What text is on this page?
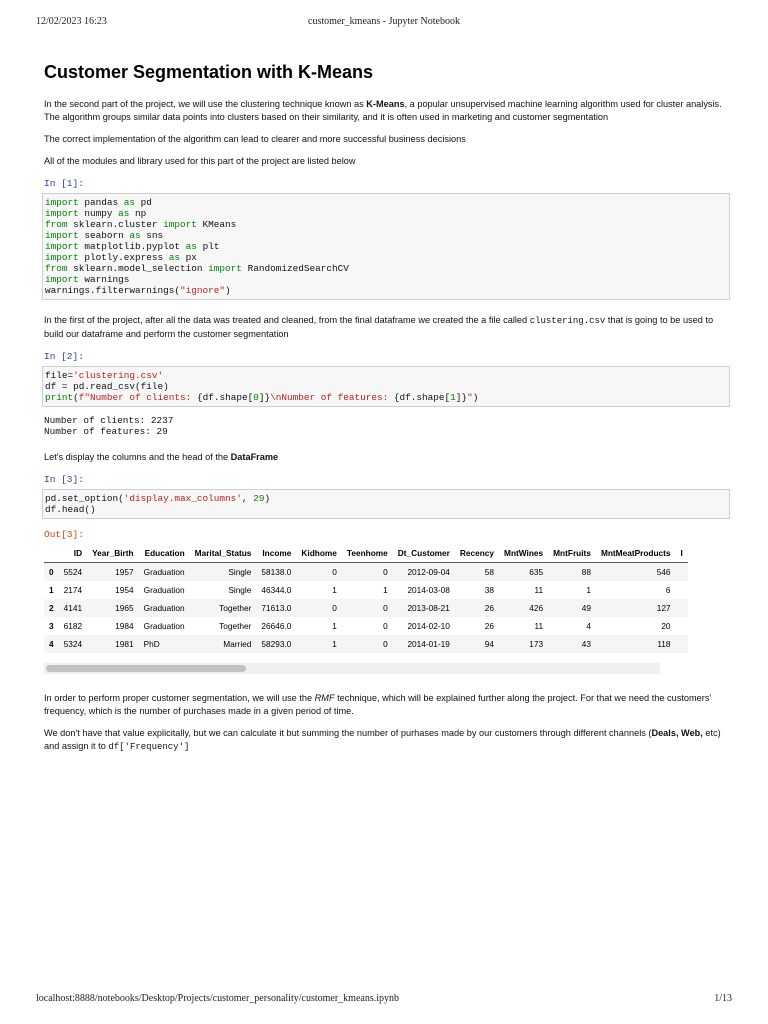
12/02/2023 16:23	customer_kmeans - Jupyter Notebook
Customer Segmentation with K-Means

In the second part of the project, we will use the clustering technique known as K-Means, a popular unsupervised machine learning algorithm used for cluster analysis. The algorithm groups similar data points into clusters based on their similarity, and it is often used in marketing and customer segmentation

The correct implementation of the algorithm can lead to clearer and more successful business decisions

All of the modules and library used for this part of the project are listed below

In [1]:
import pandas as pd
import numpy as np
from sklearn.cluster import KMeans
import seaborn as sns
import matplotlib.pyplot as plt
import plotly.express as px
from sklearn.model_selection import RandomizedSearchCV
import warnings
warnings.filterwarnings("ignore")

In the first of the project, after all the data was treated and cleaned, from the final dataframe we created the a file called clustering.csv that is going to be used to build our dataframe and perform the customer segmentation

In [2]:
file='clustering.csv'
df = pd.read_csv(file)
print(f"Number of clients: {df.shape[0]}\nNumber of features: {df.shape[1]}")
Number of clients: 2237
Number of features: 29

Let's display the columns and the head of the DataFrame

In [3]:
pd.set_option('display.max_columns', 29)
df.head()
Out[3]:
	ID	Year_Birth	Education	Marital_Status	Income	Kidhome	Teenhome	Dt_Customer	Recency	MntWines	MntFruits	MntMeatProducts	I
0	5524	1957	Graduation	Single	58138.0	0	0	2012-09-04	58	635	88	546	
1	2174	1954	Graduation	Single	46344.0	1	1	2014-03-08	38	11	1	6	
2	4141	1965	Graduation	Together	71613.0	0	0	2013-08-21	26	426	49	127	
3	6182	1984	Graduation	Together	26646.0	1	0	2014-02-10	26	11	4	20	
4	5324	1981	PhD	Married	58293.0	1	0	2014-01-19	94	173	43	118	

In order to perform proper customer segmentation, we will use the RMF technique, which will be explained further along the project. For that we need the customers' frequency, which is the number of purchases made in a given period of time.

We don't have that value explicitally, but we can calculate it but summing the number of purhases made by our customers through different channels (Deals, Web, etc) and assign it to df['Frequency']

localhost:8888/notebooks/Desktop/Projects/customer_personality/customer_kmeans.ipynb	1/13
